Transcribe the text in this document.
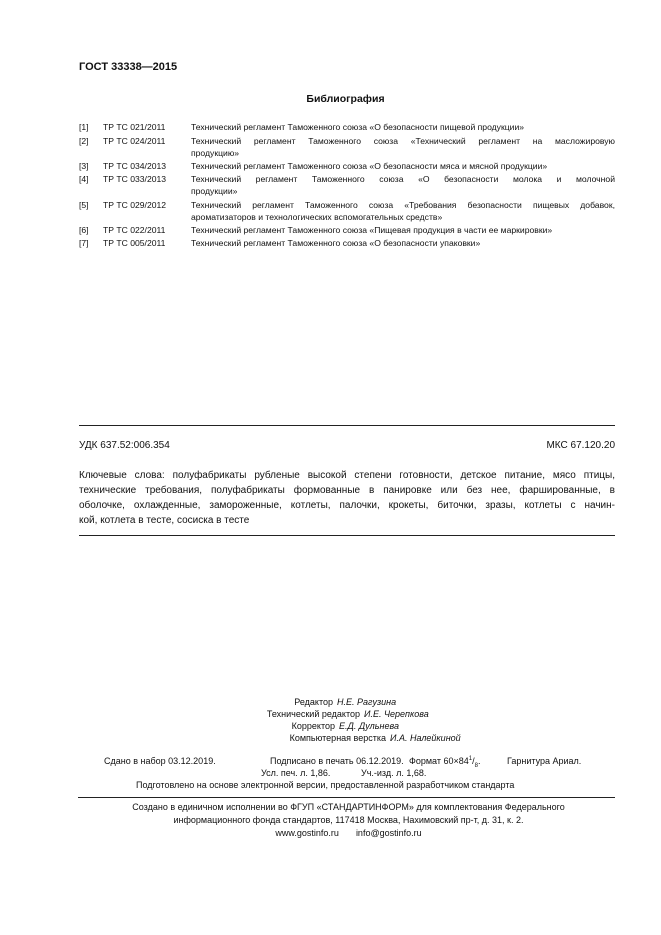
ГОСТ 33338—2015
Библиография
[1] ТР ТС 021/2011	Технический регламент Таможенного союза «О безопасности пищевой продукции»
[2] ТР ТС 024/2011	Технический регламент Таможенного союза «Технический регламент на масложировую
продукцию»
[3] ТР ТС 034/2013	Технический регламент Таможенного союза «О безопасности мяса и мясной продукции»
[4] ТР ТС 033/2013	Технический регламент Таможенного союза «О безопасности молока и молочной
продукции»
[5] ТР ТС 029/2012	Технический регламент Таможенного союза «Требования безопасности пищевых добавок,
ароматизаторов и технологических вспомогательных средств»
[6] ТР ТС 022/2011	Технический регламент Таможенного союза «Пищевая продукция в части ее маркировки»
[7] ТР ТС 005/2011	Технический регламент Таможенного союза «О безопасности упаковки»
УДК 637.52:006.354	МКС 67.120.20
Ключевые слова: полуфабрикаты рубленые высокой степени готовности, детское питание, мясо птицы,
технические требования, полуфабрикаты формованные в панировке или без нее, фаршированные, в
оболочке, охлажденные, замороженные, котлеты, палочки, крокеты, биточки, зразы, котлеты с начин-
кой, котлета в тесте, сосиска в тесте
Редактор Н.Е. Рагузина
Технический редактор И.Е. Черепкова
Корректор Е.Д. Дульнева
Компьютерная верстка И.А. Налейкиной
Сдано в набор 03.12.2019.	Подписано в печать 06.12.2019. Формат $60\times 84^1/_8$.	Гарнитура Ариал.
Усл. печ. л. 1,86.	Уч.-изд. л. 1,68.
Подготовлено на основе электронной версии, предоставленной разработчиком стандарта
Создано в единичном исполнении во ФГУП «СТАНДАРТИНФОРМ» для комплектования Федерального
информационного фонда стандартов, 117418 Москва, Нахимовский пр-т, д. 31, к. 2.
www.gostinfo.ru info@gostinfo.ru
